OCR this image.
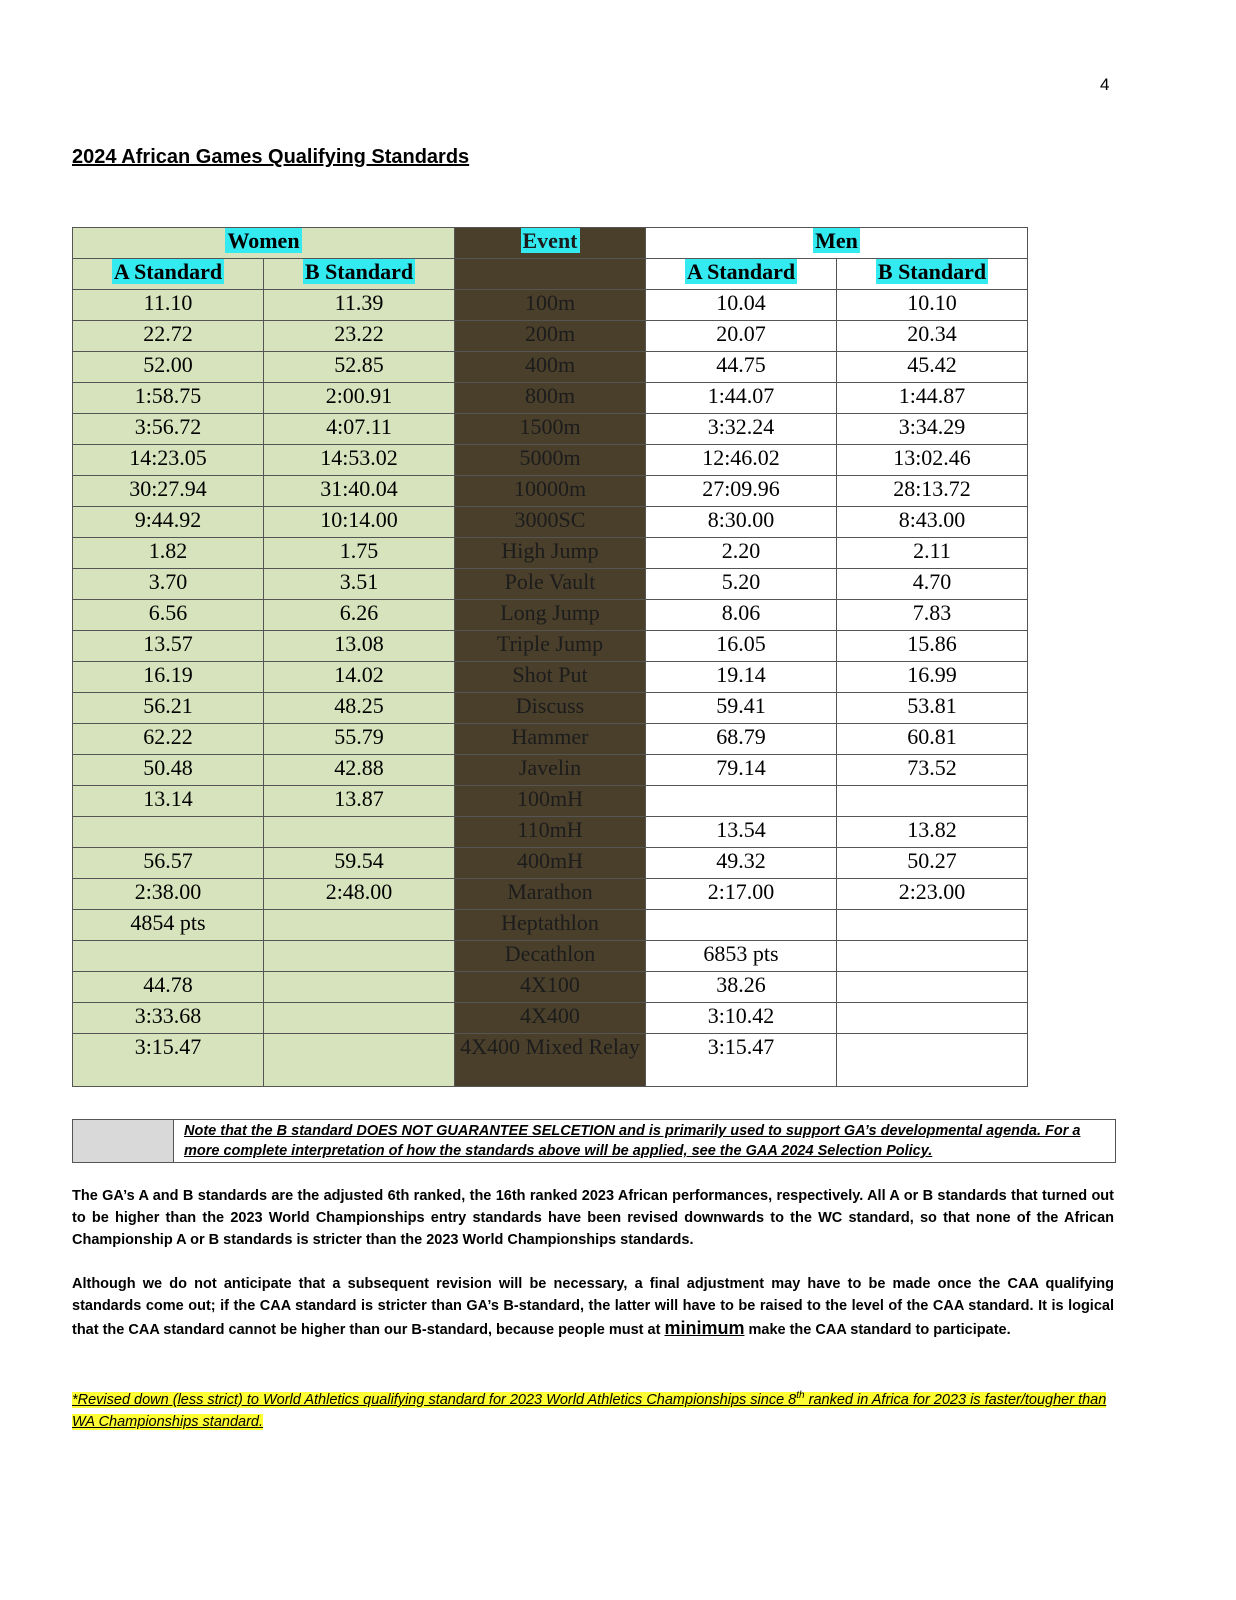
4
2024 African Games Qualifying Standards
Women		Event	Men	
A Standard	B Standard		A Standard	B Standard
11.10	11.39	100m	10.04	10.10
22.72	23.22	200m	20.07	20.34
52.00	52.85	400m	44.75	45.42
1:58.75	2:00.91	800m	1:44.07	1:44.87
3:56.72	4:07.11	1500m	3:32.24	3:34.29
14:23.05	14:53.02	5000m	12:46.02	13:02.46
30:27.94	31:40.04	10000m	27:09.96	28:13.72
9:44.92	10:14.00	3000SC	8:30.00	8:43.00
1.82	1.75	High Jump	2.20	2.11
3.70	3.51	Pole Vault	5.20	4.70
6.56	6.26	Long Jump	8.06	7.83
13.57	13.08	Triple Jump	16.05	15.86
16.19	14.02	Shot Put	19.14	16.99
56.21	48.25	Discuss	59.41	53.81
62.22	55.79	Hammer	68.79	60.81
50.48	42.88	Javelin	79.14	73.52
13.14	13.87	100mH		
		110mH	13.54	13.82
56.57	59.54	400mH	49.32	50.27
2:38.00	2:48.00	Marathon	2:17.00	2:23.00
4854 pts		Heptathlon		
		Decathlon	6853 pts	
44.78		4X100	38.26	
3:33.68		4X400	3:10.42	
3:15.47		4X400 Mixed Relay	3:15.47	
Note that the B standard DOES NOT GUARANTEE SELCETION and is primarily used to support GA’s developmental agenda. For a more complete interpretation of how the standards above will be applied, see the GAA 2024 Selection Policy.

The GA’s A and B standards are the adjusted 6th ranked, the 16th ranked 2023 African performances, respectively. All A or B standards that turned out to be higher than the 2023 World Championships entry standards have been revised downwards to the WC standard, so that none of the African Championship A or B standards is stricter than the 2023 World Championships standards.

Although we do not anticipate that a subsequent revision will be necessary, a final adjustment may have to be made once the CAA qualifying standards come out; if the CAA standard is stricter than GA’s B-standard, the latter will have to be raised to the level of the CAA standard. It is logical that the CAA standard cannot be higher than our B-standard, because people must at minimum make the CAA standard to participate.

*Revised down (less strict) to World Athletics qualifying standard for 2023 World Athletics Championships since 8th ranked in Africa for 2023 is faster/tougher than WA Championships standard.
